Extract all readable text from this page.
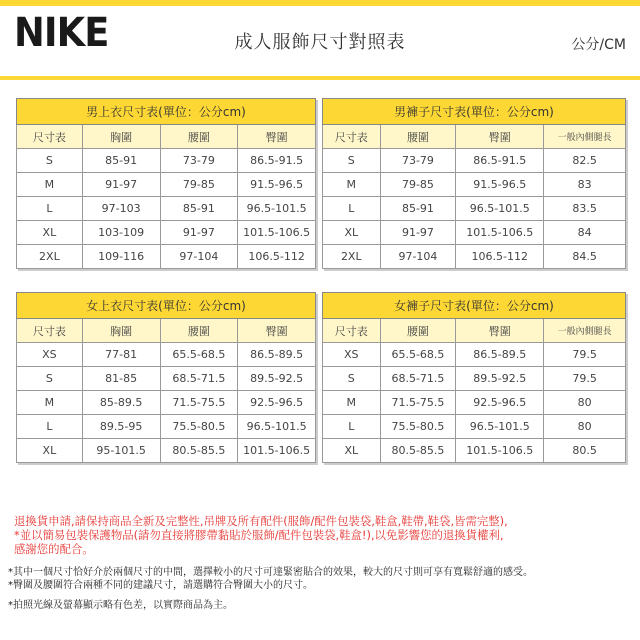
NIKE	成人服飾尺寸對照表	公分/CM
男上衣尺寸表(單位：公分cm)			
尺寸表	胸圍	腰圍	臀圍
S	85-91	73-79	86.5-91.5
M	91-97	79-85	91.5-96.5
L	97-103	85-91	96.5-101.5
XL	103-109	91-97	101.5-106.5
2XL	109-116	97-104	106.5-112
男褲子尺寸表(單位：公分cm)			
尺寸表	腰圍	臀圍	一般內側腿長
S	73-79	86.5-91.5	82.5
M	79-85	91.5-96.5	83
L	85-91	96.5-101.5	83.5
XL	91-97	101.5-106.5	84
2XL	97-104	106.5-112	84.5
女上衣尺寸表(單位：公分cm)			
尺寸表	胸圍	腰圍	臀圍
XS	77-81	65.5-68.5	86.5-89.5
S	81-85	68.5-71.5	89.5-92.5
M	85-89.5	71.5-75.5	92.5-96.5
L	89.5-95	75.5-80.5	96.5-101.5
XL	95-101.5	80.5-85.5	101.5-106.5
女褲子尺寸表(單位：公分cm)			
尺寸表	腰圍	臀圍	一般內側腿長
XS	65.5-68.5	86.5-89.5	79.5
S	68.5-71.5	89.5-92.5	79.5
M	71.5-75.5	92.5-96.5	80
L	75.5-80.5	96.5-101.5	80
XL	80.5-85.5	101.5-106.5	80.5
退換貨申請,請保持商品全新及完整性,吊牌及所有配件(服飾/配件包裝袋,鞋盒,鞋帶,鞋袋,皆需完整),
*並以簡易包裝保護物品(請勿直接將膠帶黏貼於服飾/配件包裝袋,鞋盒!),以免影響您的退換貨權利,
感謝您的配合。
*其中一個尺寸恰好介於兩個尺寸的中間，選擇較小的尺寸可達緊密貼合的效果，較大的尺寸則可享有寬鬆舒適的感受。
*臀圍及腰圍符合兩種不同的建議尺寸，請選購符合臀圍大小的尺寸。
*拍照光線及螢幕顯示略有色差，以實際商品為主。
